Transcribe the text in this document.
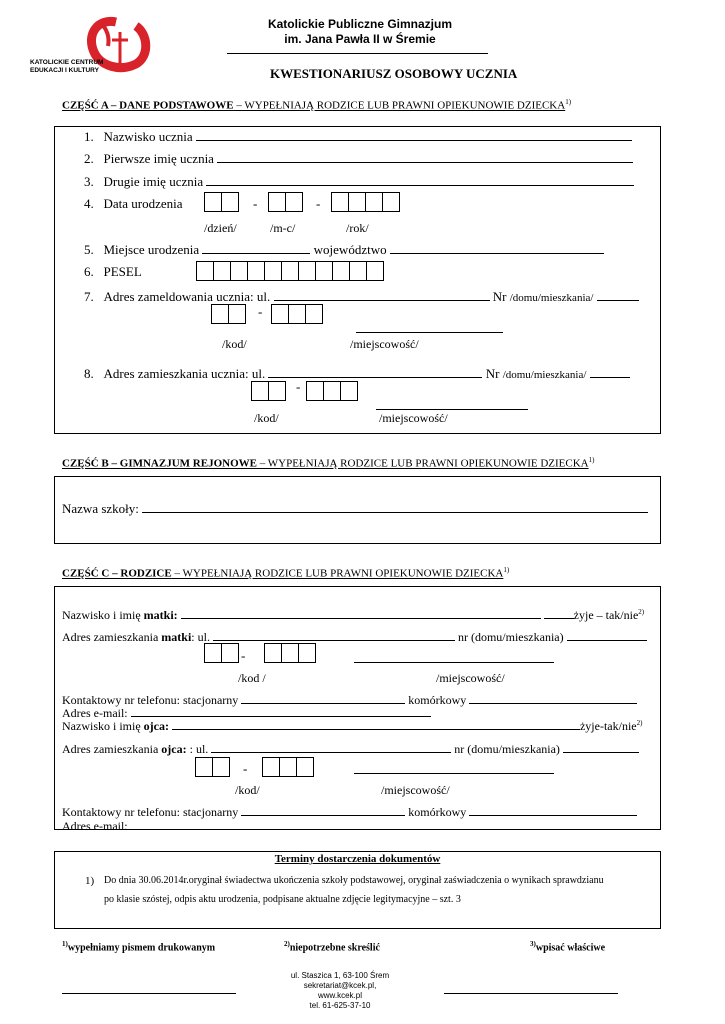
KATOLICKIE CENTRUM
EDUKACJI I KULTURY
Katolickie Publiczne Gimnazjum
im. Jana Pawła II w Śremie
KWESTIONARIUSZ OSOBOWY UCZNIA
CZĘŚĆ A – DANE PODSTAWOWE – WYPEŁNIAJĄ RODZICE LUB PRAWNI OPIEKUNOWIE DZIECKA$^{1)}$
1. Nazwisko ucznia
2. Pierwsze imię ucznia
3. Drugie imię ucznia
4. Data urodzenia	-	-
/dzień/	/m-c/	/rok/
5. Miejsce urodzenia	województwo
6. PESEL
7. Adres zameldowania ucznia: ul.	Nr /domu/mieszkania/
-
/kod/	/miejscowość/
8. Adres zamieszkania ucznia: ul.	Nr /domu/mieszkania/
-
/kod/	/miejscowość/
CZĘŚĆ B – GIMNAZJUM REJONOWE – WYPEŁNIAJĄ RODZICE LUB PRAWNI OPIEKUNOWIE DZIECKA$^{1)}$
Nazwa szkoły:
CZĘŚĆ C – RODZICE – WYPEŁNIAJĄ RODZICE LUB PRAWNI OPIEKUNOWIE DZIECKA$^{1)}$
Nazwisko i imię matki:	żyje – tak/nie$^{2)}$
Adres zamieszkania matki: ul.	nr (domu/mieszkania)
-
/kod /	/miejscowość/
Kontaktowy nr telefonu: stacjonarny	komórkowy
Adres e-mail:
Nazwisko i imię ojca:	żyje-tak/nie$^{2)}$
Adres zamieszkania ojca: : ul.	nr (domu/mieszkania)
-
/kod/	/miejscowość/
Kontaktowy nr telefonu: stacjonarny	komórkowy
Adres e-mail:
Terminy dostarczenia dokumentów
1) Do dnia 30.06.2014r.oryginał świadectwa ukończenia szkoły podstawowej, oryginał zaświadczenia o wynikach sprawdzianu
po klasie szóstej, odpis aktu urodzenia, podpisane aktualne zdjęcie legitymacyjne – szt. 3
$^{1)}$wypełniamy pismem drukowanym	$^{2)}$niepotrzebne skreślić	$^{3)}$wpisać właściwe
ul. Staszica 1, 63-100 Śrem
sekretariat@kcek.pl,
www.kcek.pl
tel. 61-625-37-10
